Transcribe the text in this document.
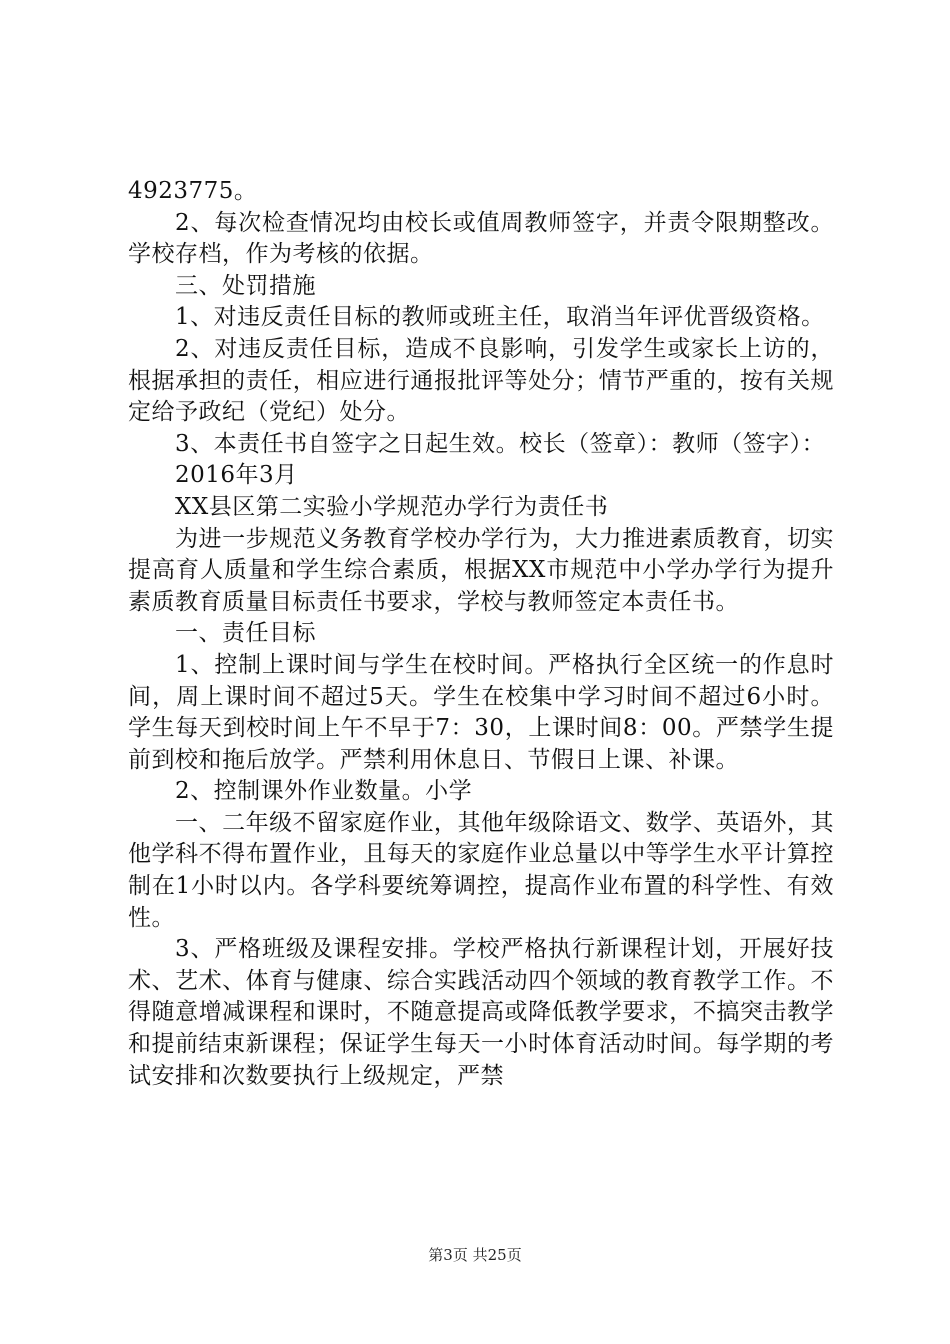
4923775。

2、每次检查情况均由校长或值周教师签字，并责令限期整改。学校存档，作为考核的依据。

三、处罚措施

1、对违反责任目标的教师或班主任，取消当年评优晋级资格。

2、对违反责任目标，造成不良影响，引发学生或家长上访的，根据承担的责任，相应进行通报批评等处分；情节严重的，按有关规定给予政纪（党纪）处分。

3、本责任书自签字之日起生效。校长（签章）：教师（签字）：

2016年3月

XX县区第二实验小学规范办学行为责任书

为进一步规范义务教育学校办学行为，大力推进素质教育，切实提高育人质量和学生综合素质，根据XX市规范中小学办学行为提升素质教育质量目标责任书要求，学校与教师签定本责任书。

一、责任目标

1、控制上课时间与学生在校时间。严格执行全区统一的作息时间，周上课时间不超过5天。学生在校集中学习时间不超过6小时。学生每天到校时间上午不早于7：30，上课时间8：00。严禁学生提前到校和拖后放学。严禁利用休息日、节假日上课、补课。

2、控制课外作业数量。小学

一、二年级不留家庭作业，其他年级除语文、数学、英语外，其他学科不得布置作业，且每天的家庭作业总量以中等学生水平计算控制在1小时以内。各学科要统筹调控，提高作业布置的科学性、有效性。

3、严格班级及课程安排。学校严格执行新课程计划，开展好技术、艺术、体育与健康、综合实践活动四个领域的教育教学工作。不得随意增减课程和课时，不随意提高或降低教学要求，不搞突击教学和提前结束新课程；保证学生每天一小时体育活动时间。每学期的考试安排和次数要执行上级规定，严禁

第3页 共25页
